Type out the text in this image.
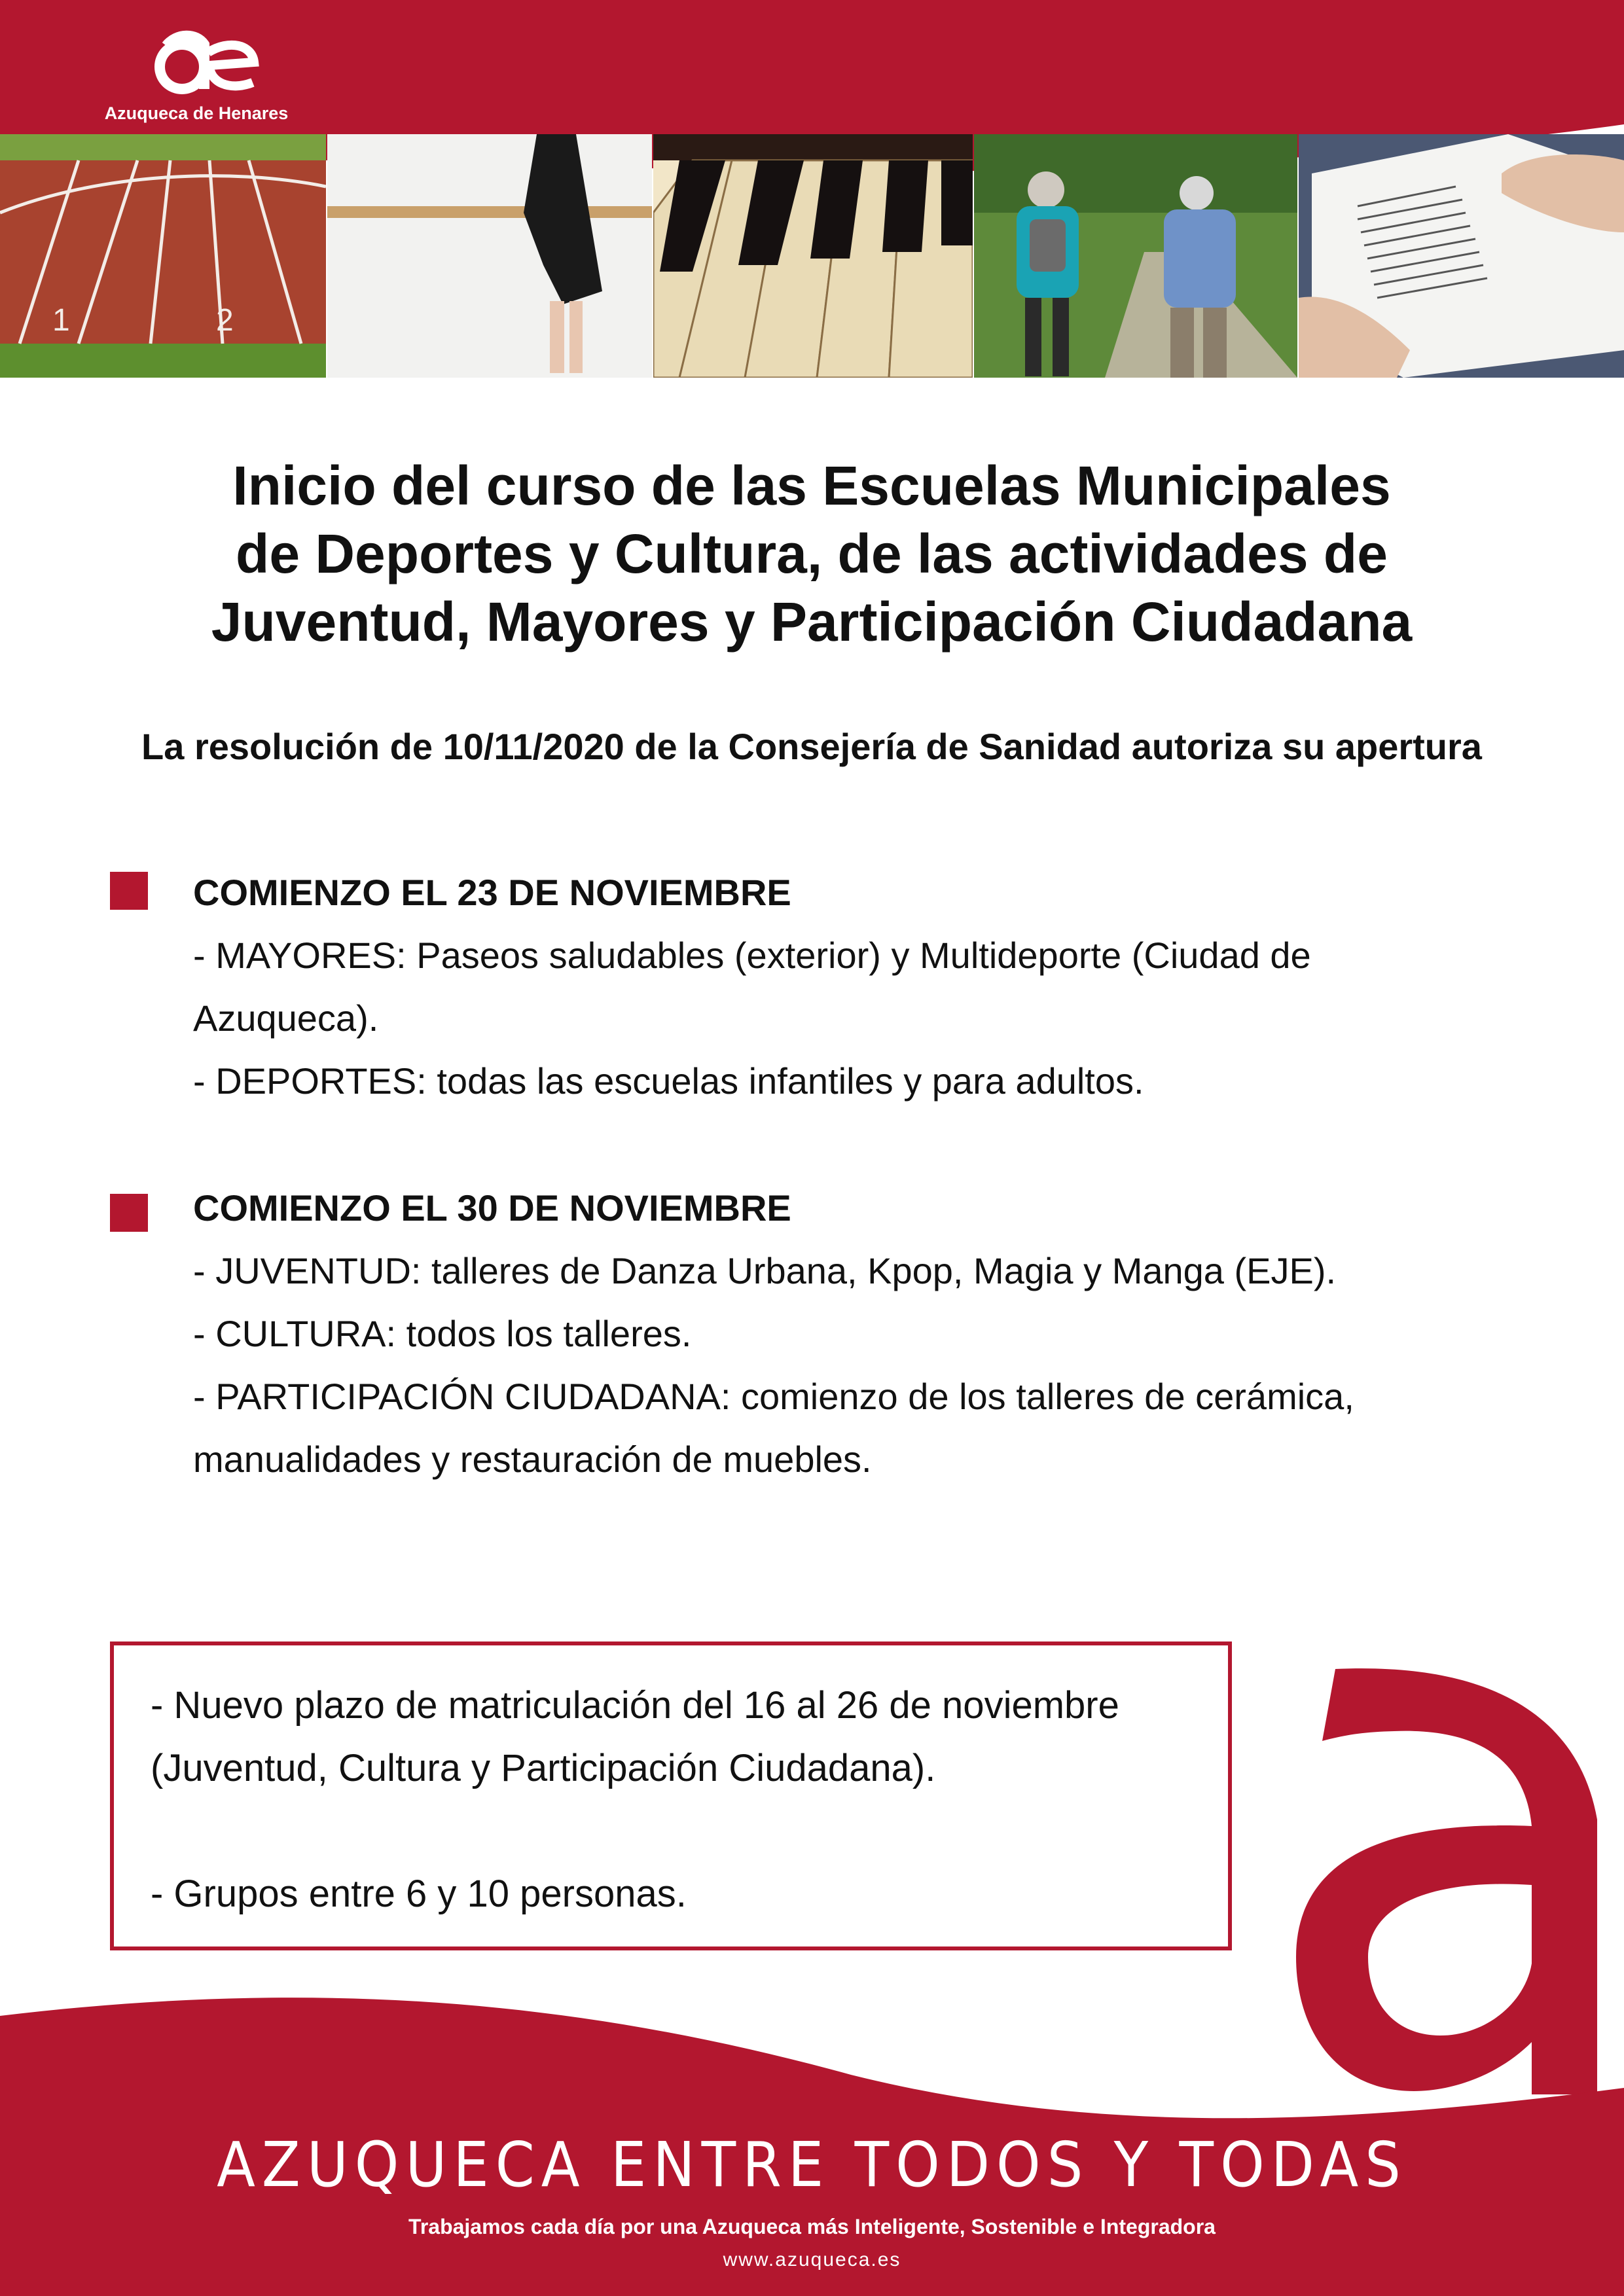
Azuqueca de Henares
1	2
Inicio del curso de las Escuelas Municipales
de Deportes y Cultura, de las actividades de
Juventud, Mayores y Participación Ciudadana
La resolución de 10/11/2020 de la Consejería de Sanidad autoriza su apertura
COMIENZO EL 23 DE NOVIEMBRE
- MAYORES: Paseos saludables (exterior) y Multideporte (Ciudad de
Azuqueca).
- DEPORTES: todas las escuelas infantiles y para adultos.
COMIENZO EL 30 DE NOVIEMBRE
- JUVENTUD: talleres de Danza Urbana, Kpop, Magia y Manga (EJE).
- CULTURA: todos los talleres.
- PARTICIPACIÓN CIUDADANA: comienzo de los talleres de cerámica,
manualidades y restauración de muebles.
- Nuevo plazo de matriculación del 16 al 26 de noviembre
(Juventud, Cultura y Participación Ciudadana).
- Grupos entre 6 y 10 personas.
AZUQUECA ENTRE TODOS Y TODAS
Trabajamos cada día por una Azuqueca más Inteligente, Sostenible e Integradora
www.azuqueca.es
